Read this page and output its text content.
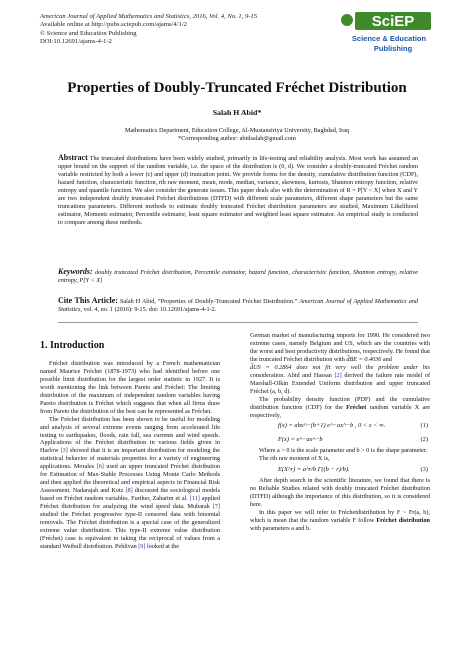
American Journal of Applied Mathematics and Statistics, 2016, Vol. 4, No. 1, 9-15
Available online at http://pubs.sciepub.com/ajams/4/1/2
© Science and Education Publishing
DOI:10.12691/ajams-4-1-2
SciEP
Science & Education
Publishing
Properties of Doubly-Truncated Fréchet Distribution
Salah H Abid*
Mathematics Department, Education College, Al-Mustansiriya University, Baghdad, Iraq
*Corresponding author: abidsalah@gmail.com
Abstract The truncated distributions have been widely studied, primarily in life-testing and reliability analysis. Most work has assumed an upper bound on the support of the random variable, i.e. the space of the distribution is (0, d). We consider a doubly-truncated Fréchet random variable restricted by both a lower (c) and upper (d) truncation point. We provide forms for the density, cumulative distribution function (CDF), hazard function, characteristic function, rth raw moment, mean, mode, median, variance, skewness, kurtosis, Shannon entropy function, relative entropy and quantile function. We also consider the generate issues. This paper deals also with the determination of R = P[Y < X] when X and Y are two independent doubly truncated Fréchet distributions (DTFD) with different scale parameters, different shape parameters but the same truncations parameters. Different methods to estimate doubly truncated Fréchet distribution parameters are studied, Maximum Likelihood estimator, Moments estimator, Percentile estimator, least square estimator and weighted least square estimator. An empirical study is conducted to compare among these methods.
Keywords: doubly truncated Fréchet distribution, Percentile estimator, hazard function, characteristic function, Shannon entropy, relative entropy, P[Y < X]
Cite This Article: Salah H Abid, “Properties of Doubly-Truncated Fréchet Distribution.” American Journal of Applied Mathematics and Statistics, vol. 4, no. 1 (2016): 9-15. doi: 10.12691/ajams-4-1-2.
1. Introduction

Fréchet distribution was introduced by a French mathematician named Maurice Fréchet (1878-1973) who had identified before one possible limit distribution for the largest order statistic in 1927. It is worth mentioning the link between Pareto and Fréchet: The limiting distribution of the maximum of independent random variables having Pareto distribution is Fréchet which suggests that when all firms draw from Pareto the distribution of the best can be represented as Fréchet.

The Fréchet distribution has been shown to be useful for modeling and analysis of several extreme events ranging from accelerated life testing to earthquakes, floods, rain fall, sea currents and wind speeds. Applications of the Fréchet distribution in various fields given in Harlow [3] showed that it is an important distribution for modeling the statistical behavior of materials properties for a variety of engineering applications. Morales [6] used an upper truncated Fréchet distribution for Estimation of Max-Stable Processes Using Monte Carlo Methods and then applied the theoretical and empirical aspects in Financial Risk Assessment. Nadarajah and Kotz [8] discussed the sociological models based on Fréchet random variables. Further, Zaharim et al. [11] applied Fréchet distribution for analyzing the wind speed data. Mubarak [7] studied the Fréchet progressive type-II censored data with binomial removals. The Fréchet distribution is a special case of the generalized extreme value distribution. This type-II extreme value distribution (Fréchet) case is equivalent to taking the reciprocal of values from a standard Weibull distribution. Pehlivan [9] looked at the

German market of manufacturing imports for 1990. He considered two extreme cases, namely Belgium and US, which are the countries with the worst and best productivity distributions, respectively. He found that the truncated Fréchet distribution with d̂BE = 0.4036 and

d̂US = 0.2864 does not fit very well the problem under his consideration. Abid and Hassan [2] derived the failure rate model of Marshall-Olkin Extended Uniform distribution and upper truncated Fréchet (a, b, d).

The probability density function (PDF) and the cumulative distribution function (CDF) for the Fréchet random variable X are respectively,

f(x) = abx^−(b+1) e^−ax^−b , 0 < x < ∞.	(1)
F(x) = e^−ax^−b	(2)

Where a > 0 is the scale parameter and b > 0 is the shape parameter.

The rth raw moment of X is,

E(X^r) = a^r/b Γ((b − r)/b).	(3)

After depth search in the scientific literature, we found that there is no Reliable Studies related with doubly truncated Fréchet distribution (DTFD) although the importance of this distribution, so it is considered here.

In this paper we will refer to Fréchetdistribution by F ~ Fr(a, b), which is mean that the random variable F follow Fréchet distribution with parameters a and b.
